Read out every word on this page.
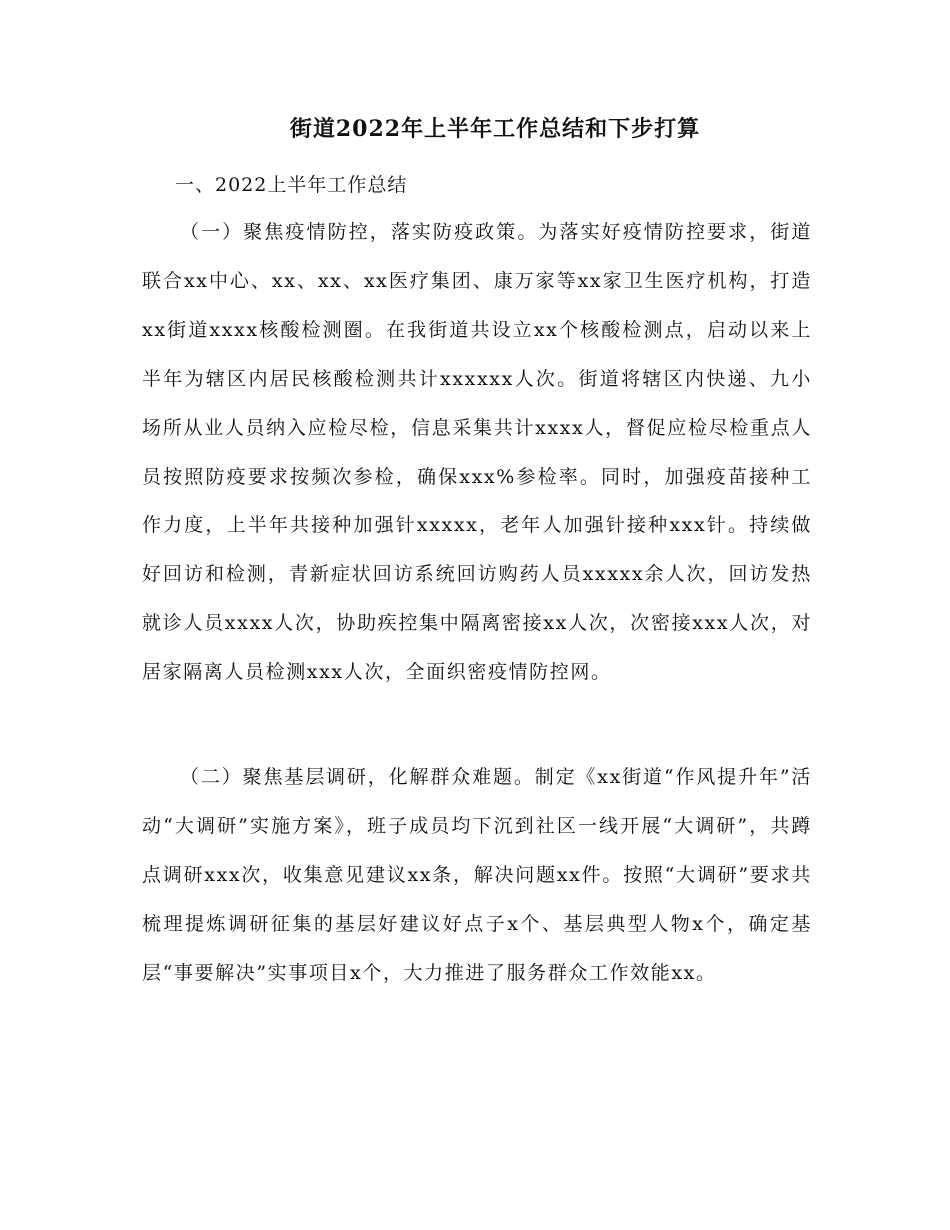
街道2022年上半年工作总结和下步打算
一、2022上半年工作总结

（一）聚焦疫情防控，落实防疫政策。为落实好疫情防控要求，街道联合xx中心、xx、xx、xx医疗集团、康万家等xx家卫生医疗机构，打造xx街道xxxx核酸检测圈。在我街道共设立xx个核酸检测点，启动以来上半年为辖区内居民核酸检测共计xxxxxx人次。街道将辖区内快递、九小场所从业人员纳入应检尽检，信息采集共计xxxx人，督促应检尽检重点人员按照防疫要求按频次参检，确保xxx%参检率。同时，加强疫苗接种工作力度，上半年共接种加强针xxxxx，老年人加强针接种xxx针。持续做好回访和检测，青新症状回访系统回访购药人员xxxxx余人次，回访发热就诊人员xxxx人次，协助疾控集中隔离密接xx人次，次密接xxx人次，对居家隔离人员检测xxx人次，全面织密疫情防控网。

（二）聚焦基层调研，化解群众难题。制定《xx街道“作风提升年”活动“大调研”实施方案》，班子成员均下沉到社区一线开展“大调研”，共蹲点调研xxx次，收集意见建议xx条，解决问题xx件。按照“大调研”要求共梳理提炼调研征集的基层好建议好点子x个、基层典型人物x个，确定基层“事要解决”实事项目x个，大力推进了服务群众工作效能xx。
